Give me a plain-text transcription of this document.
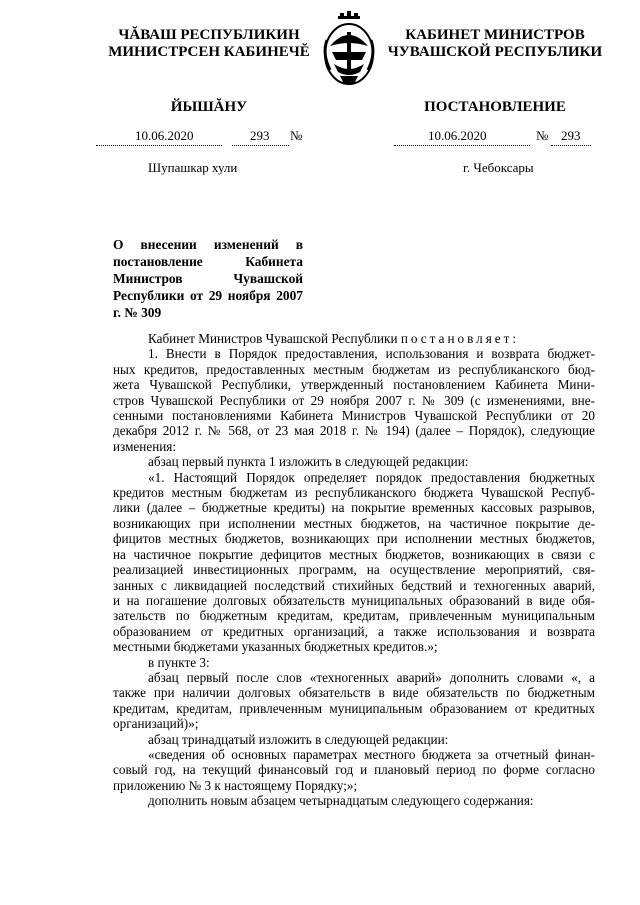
ЧĂВАШ РЕСПУБЛИКИН
МИНИСТРСЕН КАБИНЕЧĔ
КАБИНЕТ МИНИСТРОВ
ЧУВАШСКОЙ РЕСПУБЛИКИ
ЙЫШĂНУ	ПОСТАНОВЛЕНИЕ
10.06.2020	293 №	10.06.2020	№ 293
Шупашкар хули	г. Чебоксары
О внесении изменений в постановление Кабинета Министров Чувашской Республики от 29 ноября 2007 г. № 309

Кабинет Министров Чувашской Республики постановляет:

1. Внести в Порядок предоставления, использования и возврата бюджет-

ных кредитов, предоставленных местным бюджетам из республиканского бюд-

жета Чувашской Республики, утвержденный постановлением Кабинета Мини-

стров Чувашской Республики от 29 ноября 2007 г. № 309 (с изменениями, вне-

сенными постановлениями Кабинета Министров Чувашской Республики от 20

декабря 2012 г. № 568, от 23 мая 2018 г. № 194) (далее – Порядок), следующие

изменения:

абзац первый пункта 1 изложить в следующей редакции:

«1. Настоящий Порядок определяет порядок предоставления бюджетных

кредитов местным бюджетам из республиканского бюджета Чувашской Респуб-

лики (далее – бюджетные кредиты) на покрытие временных кассовых разрывов,

возникающих при исполнении местных бюджетов, на частичное покрытие де-

фицитов местных бюджетов, возникающих при исполнении местных бюджетов,

на частичное покрытие дефицитов местных бюджетов, возникающих в связи с

реализацией инвестиционных программ, на осуществление мероприятий, свя-

занных с ликвидацией последствий стихийных бедствий и техногенных аварий,

и на погашение долговых обязательств муниципальных образований в виде обя-

зательств по бюджетным кредитам, кредитам, привлеченным муниципальным

образованием от кредитных организаций, а также использования и возврата

местными бюджетами указанных бюджетных кредитов.»;

в пункте 3:

абзац первый после слов «техногенных аварий» дополнить словами «, а

также при наличии долговых обязательств в виде обязательств по бюджетным

кредитам, кредитам, привлеченным муниципальным образованием от кредитных

организаций)»;

абзац тринадцатый изложить в следующей редакции:

«сведения об основных параметрах местного бюджета за отчетный финан-

совый год, на текущий финансовый год и плановый период по форме согласно

приложению № 3 к настоящему Порядку;»;

дополнить новым абзацем четырнадцатым следующего содержания:
